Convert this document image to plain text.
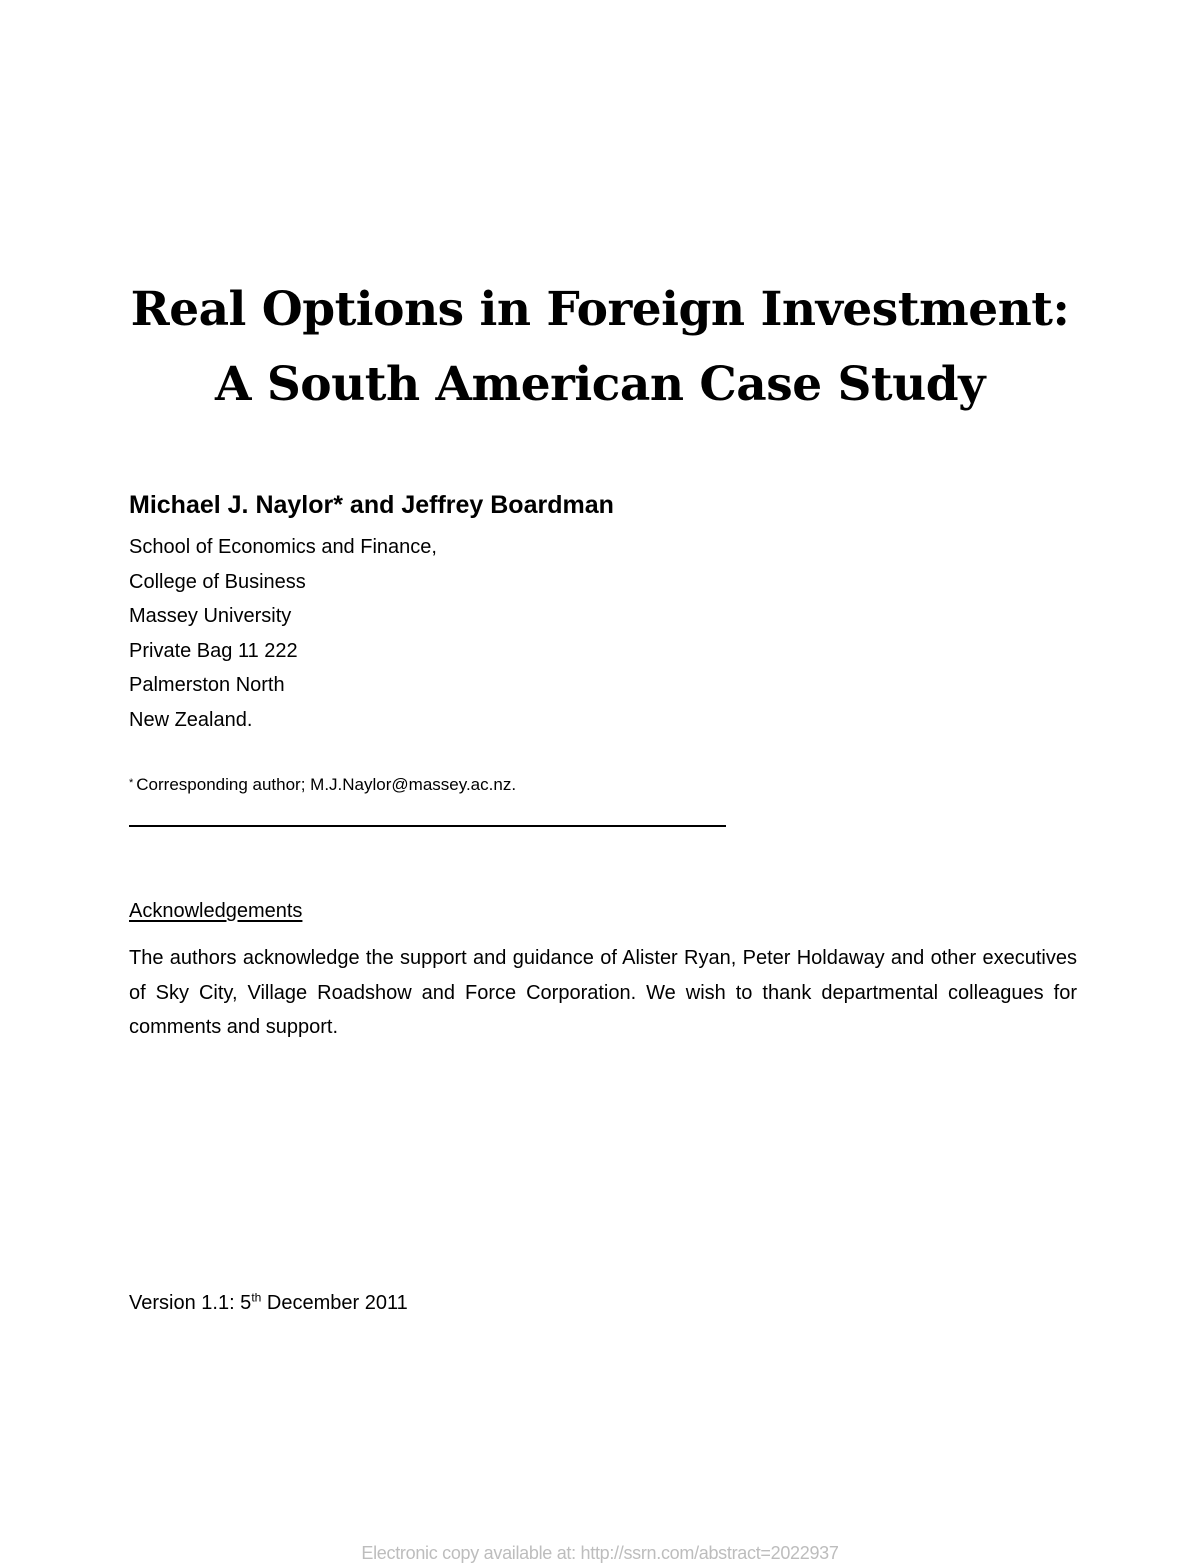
Real Options in Foreign Investment:
A South American Case Study
Michael J. Naylor* and Jeffrey Boardman
School of Economics and Finance,
College of Business
Massey University
Private Bag 11 222
Palmerston North
New Zealand.
* Corresponding author; M.J.Naylor@massey.ac.nz.
Acknowledgements

The authors acknowledge the support and guidance of Alister Ryan, Peter Holdaway and other executives of Sky City, Village Roadshow and Force Corporation. We wish to thank departmental colleagues for comments and support.

Version 1.1: 5th December 2011
Electronic copy available at: http://ssrn.com/abstract=2022937
